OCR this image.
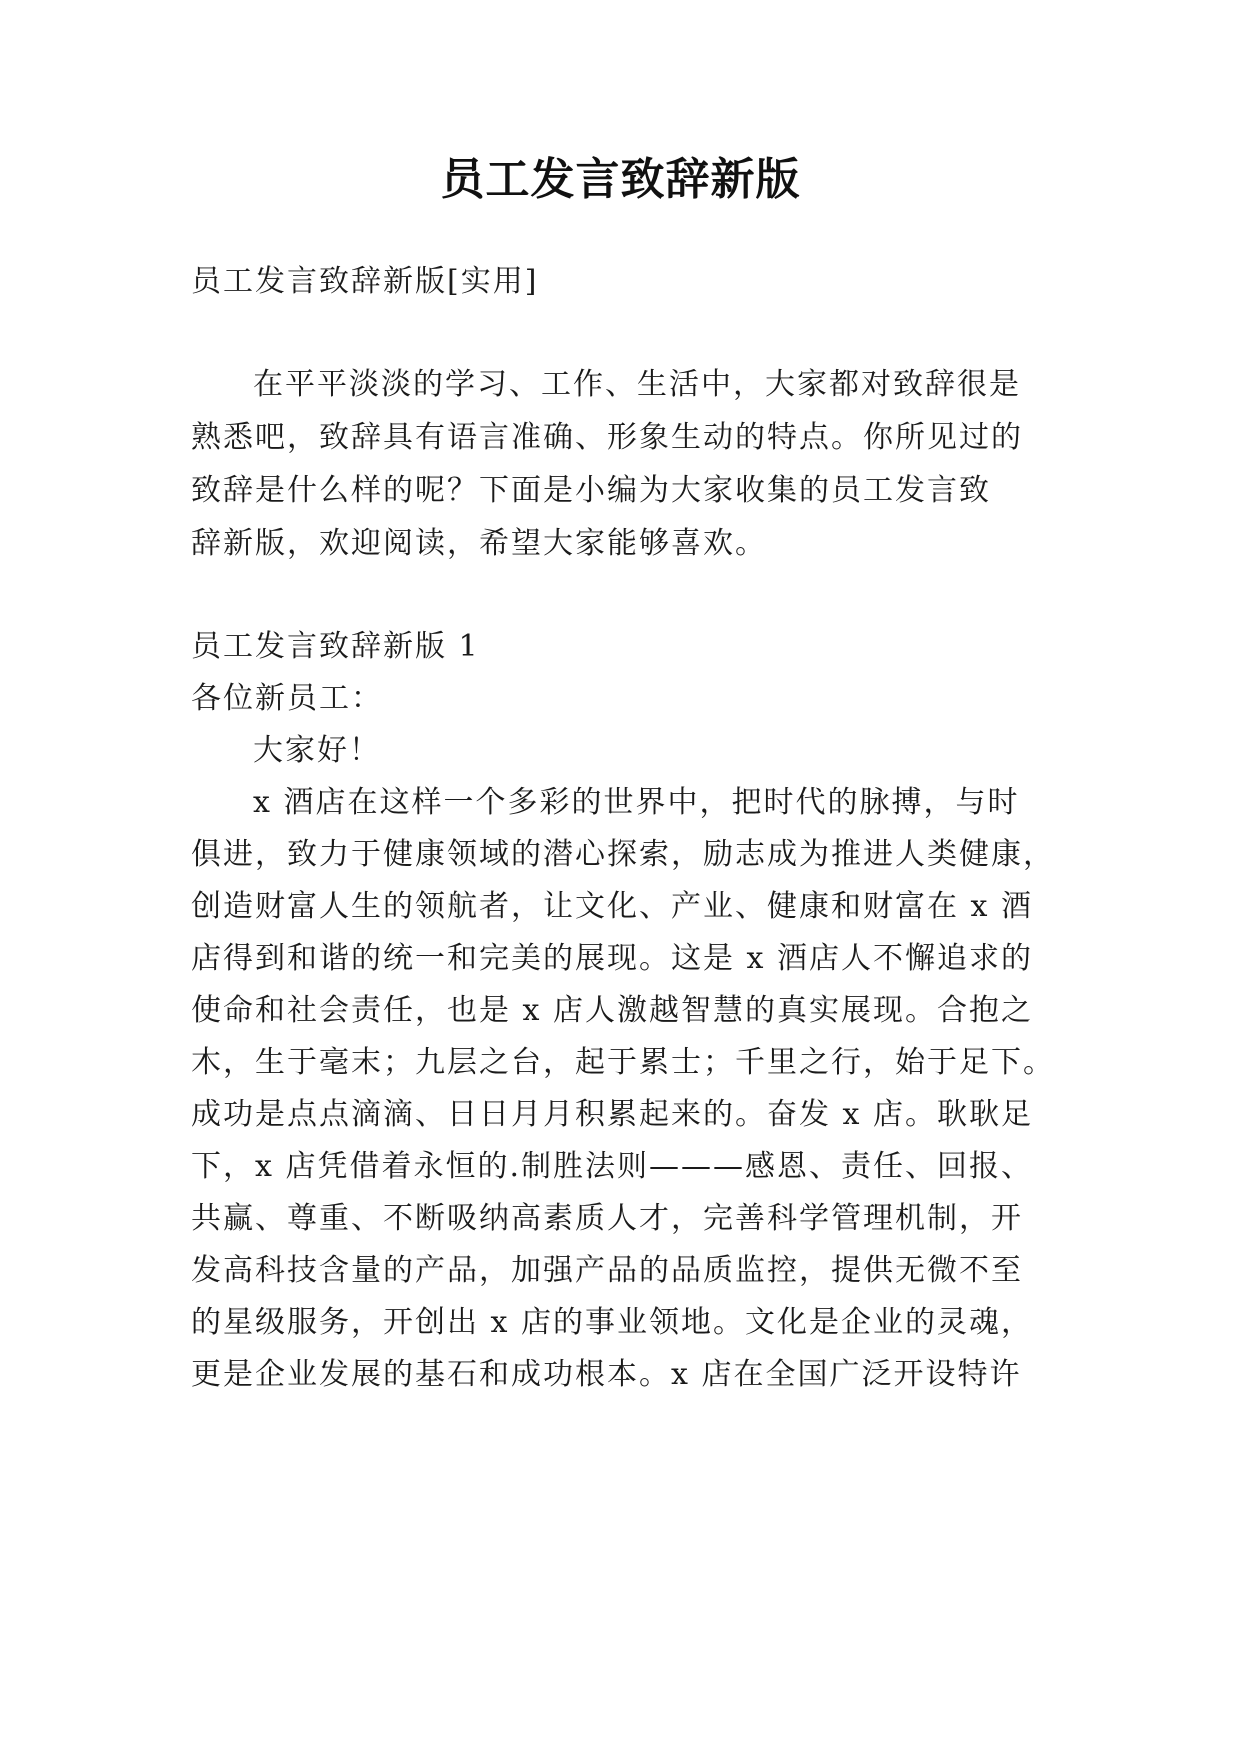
员工发言致辞新版

员工发言致辞新版[实用]

在平平淡淡的学习、工作、生活中，大家都对致辞很是

熟悉吧，致辞具有语言准确、形象生动的特点。你所见过的

致辞是什么样的呢？下面是小编为大家收集的员工发言致

辞新版，欢迎阅读，希望大家能够喜欢。

员工发言致辞新版 1

各位新员工：

大家好！

x 酒店在这样一个多彩的世界中，把时代的脉搏，与时

俱进，致力于健康领域的潜心探索，励志成为推进人类健康，

创造财富人生的领航者，让文化、产业、健康和财富在 x 酒

店得到和谐的统一和完美的展现。这是 x 酒店人不懈追求的

使命和社会责任，也是 x 店人激越智慧的真实展现。合抱之

木，生于毫末；九层之台，起于累士；千里之行，始于足下。

成功是点点滴滴、日日月月积累起来的。奋发 x 店。耿耿足

下，x 店凭借着永恒的.制胜法则———感恩、责任、回报、

共赢、尊重、不断吸纳高素质人才，完善科学管理机制，开

发高科技含量的产品，加强产品的品质监控，提供无微不至

的星级服务，开创出 x 店的事业领地。文化是企业的灵魂，

更是企业发展的基石和成功根本。x 店在全国广泛开设特许
